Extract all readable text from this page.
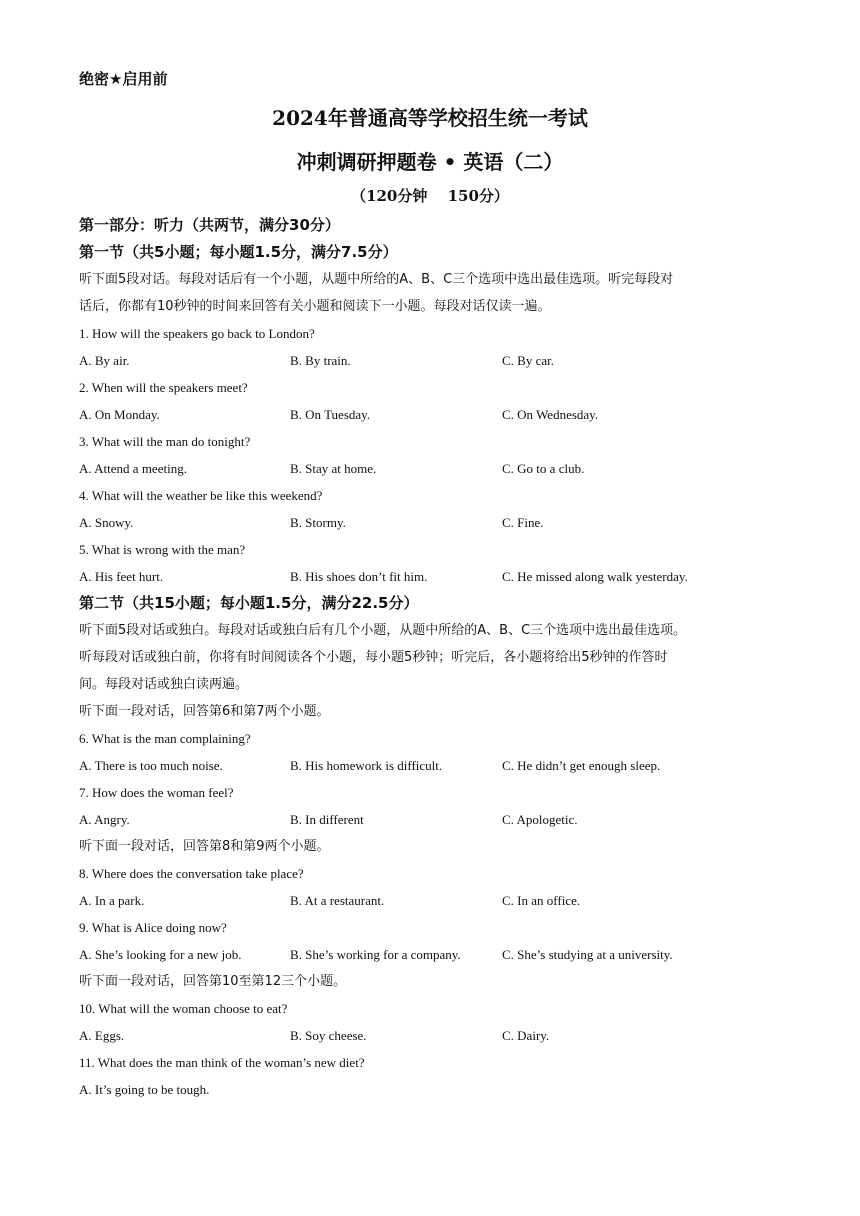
绝密★启用前
2024年普通高等学校招生统一考试
冲刺调研押题卷 • 英语（二）
（120分钟　 150分）
第一部分：听力（共两节，满分30分）
第一节（共5小题；每小题1.5分，满分7.5分）
听下面5段对话。每段对话后有一个小题，从题中所给的A、B、C三个选项中选出最佳选项。听完每段对
话后，你都有10秒钟的时间来回答有关小题和阅读下一小题。每段对话仅读一遍。
1. How will the speakers go back to London?
A. By air.	B. By train.	C. By car.
2. When will the speakers meet?
A. On Monday.	B. On Tuesday.	C. On Wednesday.
3. What will the man do tonight?
A. Attend a meeting.	B. Stay at home.	C. Go to a club.
4. What will the weather be like this weekend?
A. Snowy.	B. Stormy.	C. Fine.
5. What is wrong with the man?
A. His feet hurt.	B. His shoes don’t fit him.	C. He missed along walk yesterday.
第二节（共15小题；每小题1.5分，满分22.5分）
听下面5段对话或独白。每段对话或独白后有几个小题，从题中所给的A、B、C三个选项中选出最佳选项。
听每段对话或独白前，你将有时间阅读各个小题，每小题5秒钟；听完后，各小题将给出5秒钟的作答时
间。每段对话或独白读两遍。
听下面一段对话，回答第6和第7两个小题。
6. What is the man complaining?
A. There is too much noise.	B. His homework is difficult.	C. He didn’t get enough sleep.
7. How does the woman feel?
A. Angry.	B. In different	C. Apologetic.
听下面一段对话，回答第8和第9两个小题。
8. Where does the conversation take place?
A. In a park.	B. At a restaurant.	C. In an office.
9. What is Alice doing now?
A. She’s looking for a new job.	B. She’s working for a company.	C. She’s studying at a university.
听下面一段对话，回答第10至第12三个小题。
10. What will the woman choose to eat?
A. Eggs.	B. Soy cheese.	C. Dairy.
11. What does the man think of the woman’s new diet?
A. It’s going to be tough.
